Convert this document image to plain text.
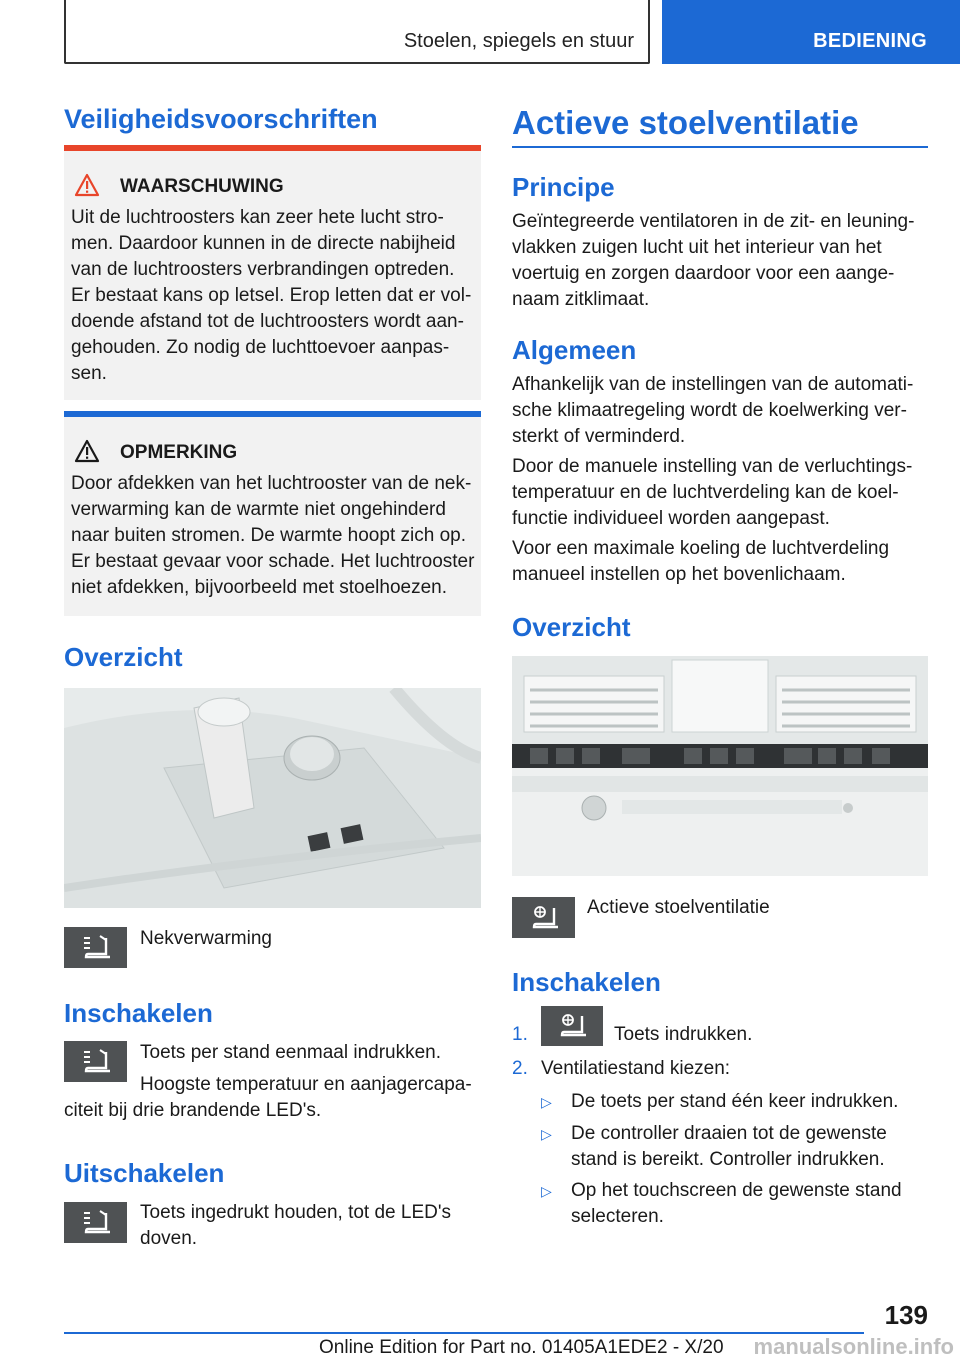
Stoelen, spiegels en stuur	BEDIENING
Veiligheidsvoorschriften
WAARSCHUWING
Uit de luchtroosters kan zeer hete lucht stro-
men. Daardoor kunnen in de directe nabijheid
van de luchtroosters verbrandingen optreden.
Er bestaat kans op letsel. Erop letten dat er vol-
doende afstand tot de luchtroosters wordt aan-
gehouden. Zo nodig de luchttoevoer aanpas-
sen.
OPMERKING
Door afdekken van het luchtrooster van de nek-
verwarming kan de warmte niet ongehinderd
naar buiten stromen. De warmte hoopt zich op.
Er bestaat gevaar voor schade. Het luchtrooster
niet afdekken, bijvoorbeeld met stoelhoezen.
Overzicht
Nekverwarming
Inschakelen
Toets per stand eenmaal indrukken.
Hoogste temperatuur en aanjagercapa-
citeit bij drie brandende LED's.
Uitschakelen
Toets ingedrukt houden, tot de LED's
doven.
Actieve stoelventilatie
Principe
Geïntegreerde ventilatoren in de zit- en leuning-
vlakken zuigen lucht uit het interieur van het
voertuig en zorgen daardoor voor een aange-
naam zitklimaat.
Algemeen
Afhankelijk van de instellingen van de automati-
sche klimaatregeling wordt de koelwerking ver-
sterkt of verminderd.
Door de manuele instelling van de verluchtings-
temperatuur en de luchtverdeling kan de koel-
functie individueel worden aangepast.
Voor een maximale koeling de luchtverdeling
manueel instellen op het bovenlichaam.
Overzicht
Actieve stoelventilatie
Inschakelen
1.	Toets indrukken.
2. Ventilatiestand kiezen:
▷ De toets per stand één keer indrukken.
▷ De controller draaien tot de gewenste
stand is bereikt. Controller indrukken.
▷ Op het touchscreen de gewenste stand
selecteren.
139
Online Edition for Part no. 01405A1EDE2 - X/20 manualsonline.info
